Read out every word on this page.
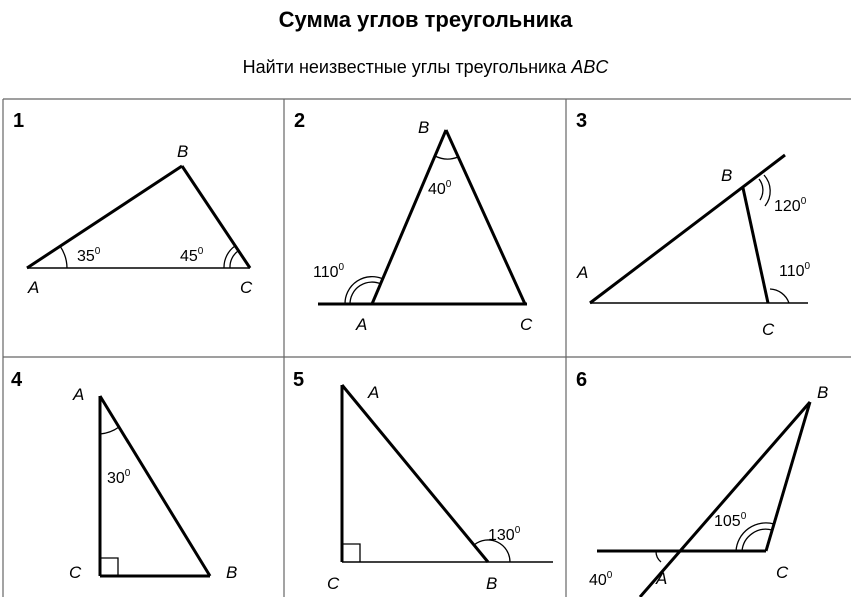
Сумма углов треугольника
Найти неизвестные углы треугольника ABC
1
B
A	C
$35^0$	$45^0$
2	B
A	C
$110^0$
$40^0$
3
B
A
C
$120^0$
$110^0$
4
A
C	B
$30^0$
5
A
C	B
$130^0$
6
B
A	C
$105^0$
$40^0$
